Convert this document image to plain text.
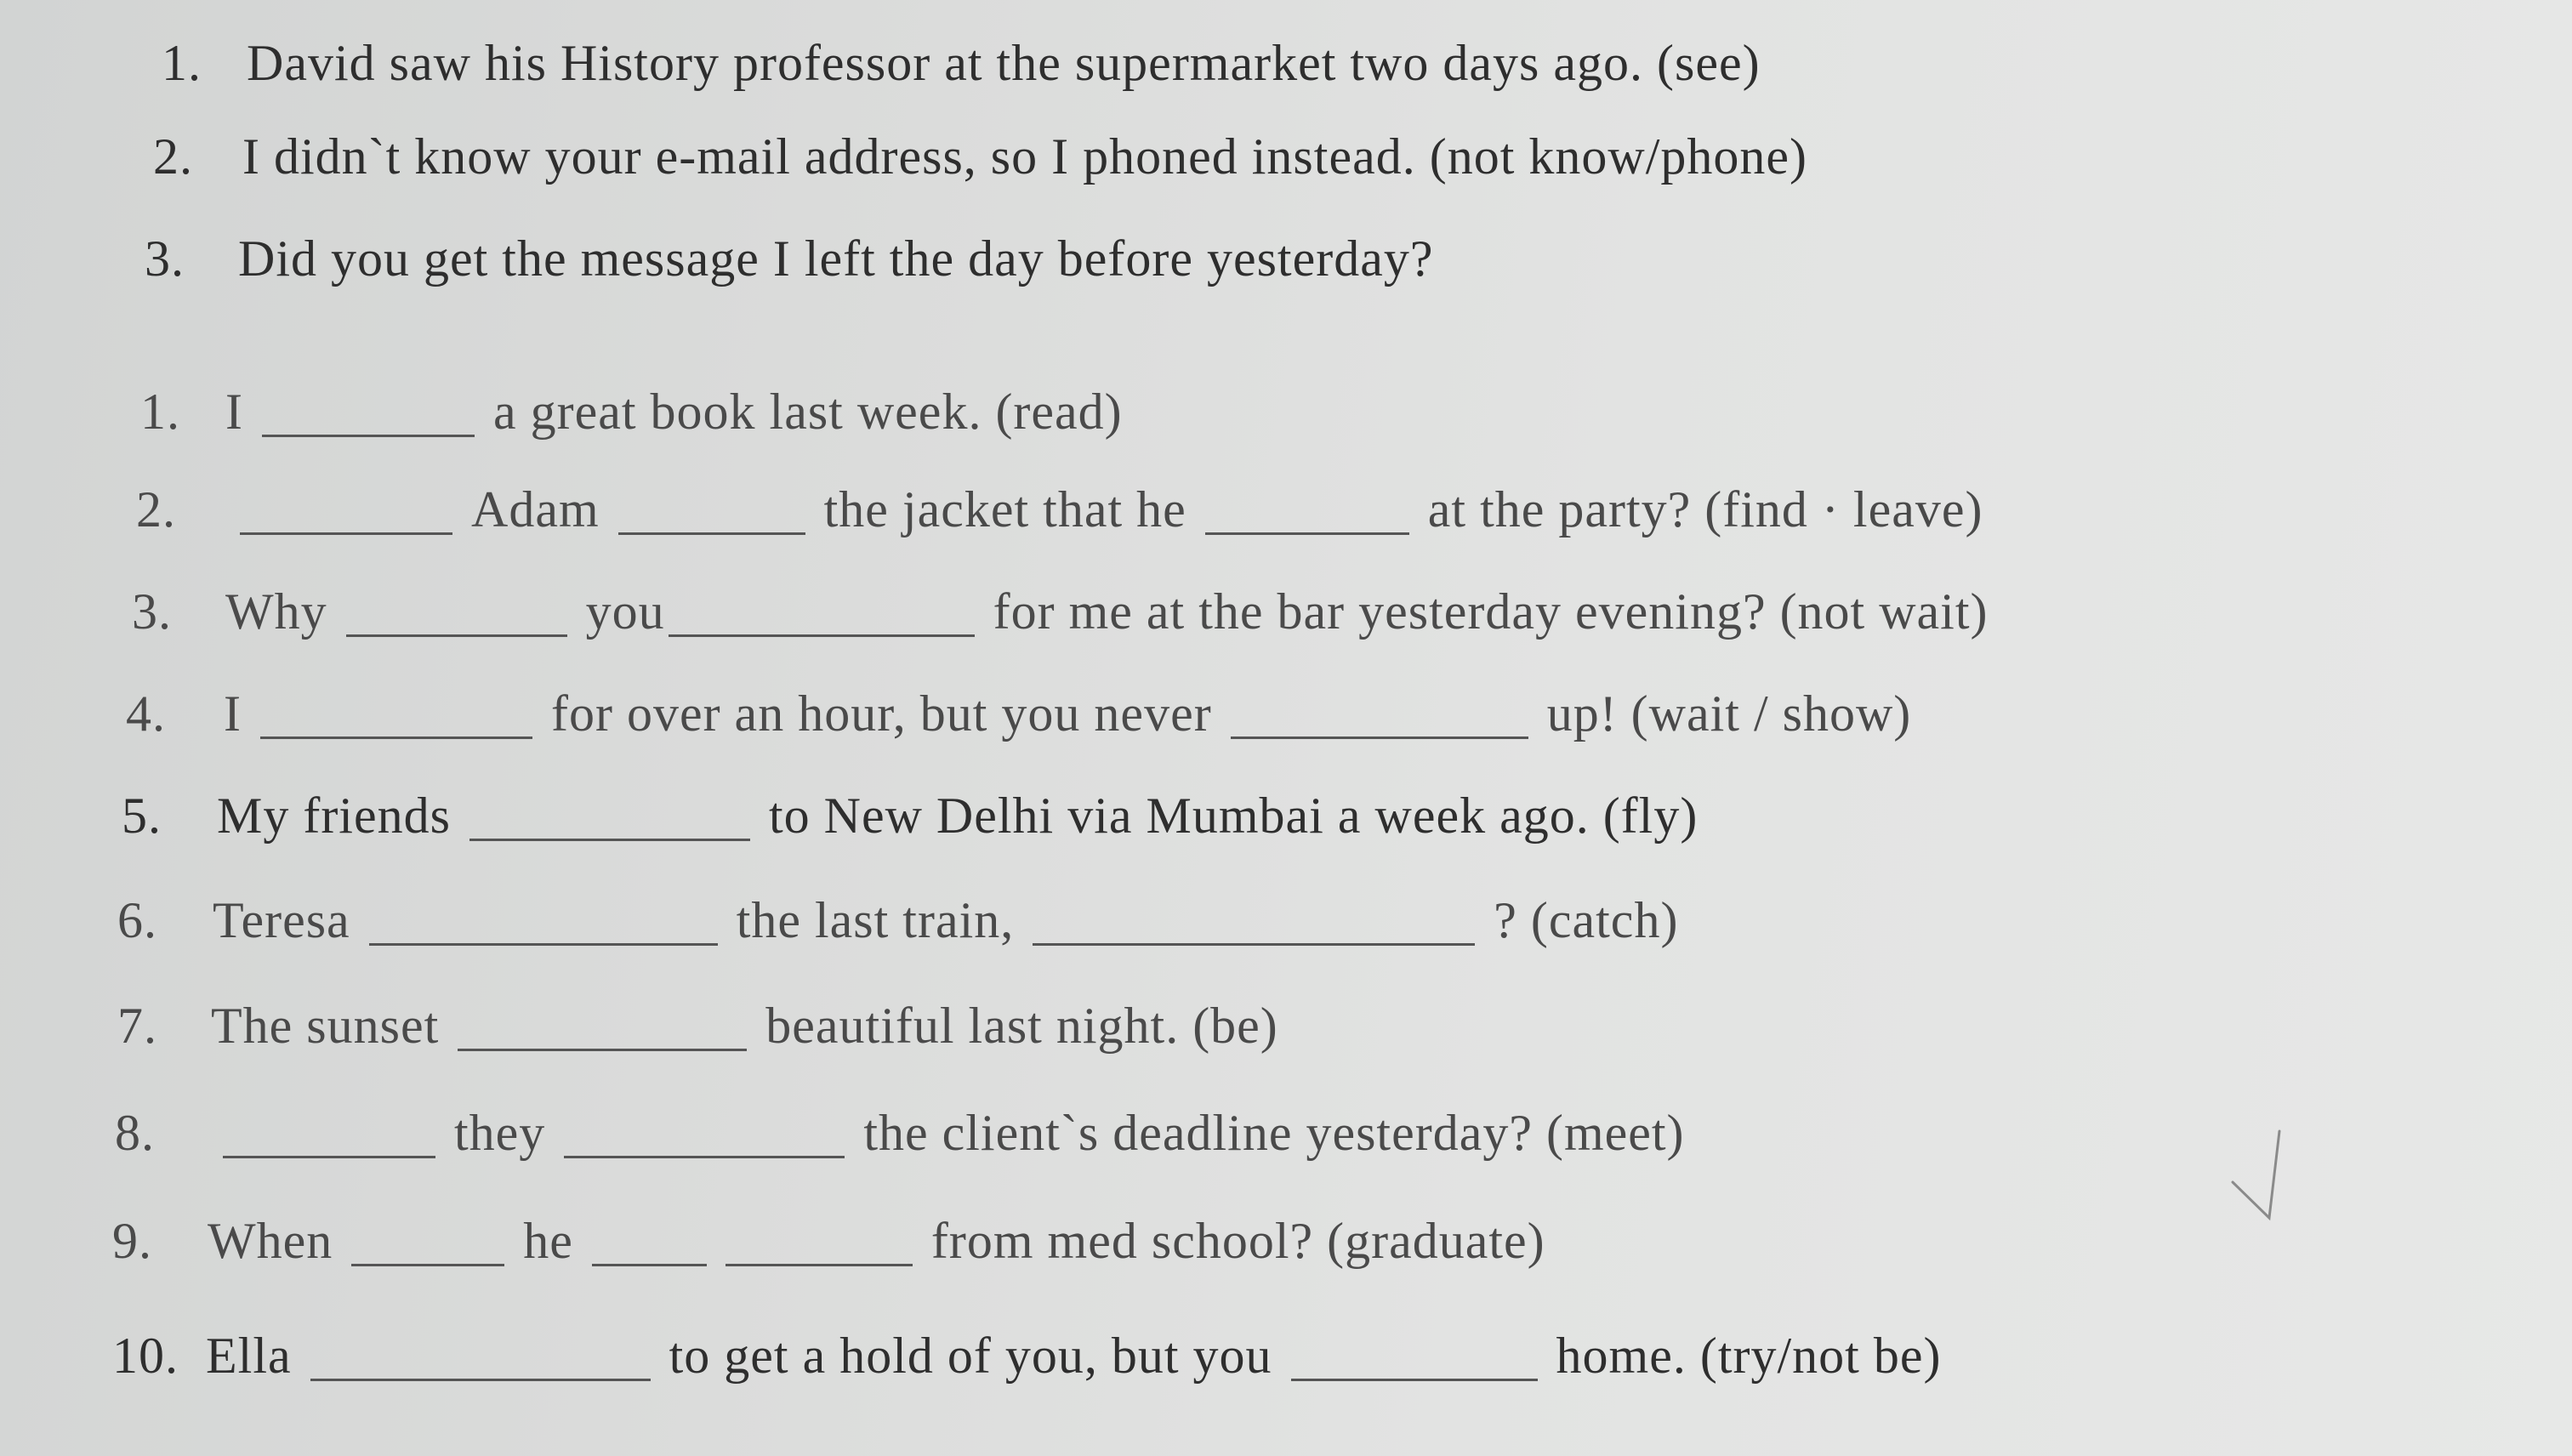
1. David saw his History professor at the supermarket two days ago. (see)
2. I didn`t know your e-mail address, so I phoned instead. (not know/phone)
3.	Did you get the message I left the day before yesterday?
1. I	a great book last week. (read)
2.	Adam	the jacket that he	at the party? (find · leave)
3.	Why	you	for me at the bar yesterday evening? (not wait)
4.	I	for over an hour, but you never	up! (wait / show)
5.	My friends	to New Delhi via Mumbai a week ago. (fly)
6.	Teresa	the last train,	? (catch)
7.	The sunset	beautiful last night. (be)
8.	they	the client`s deadline yesterday? (meet)
9.	When	he	from med school? (graduate)
10. Ella	to get a hold of you, but you	home. (try/not be)
